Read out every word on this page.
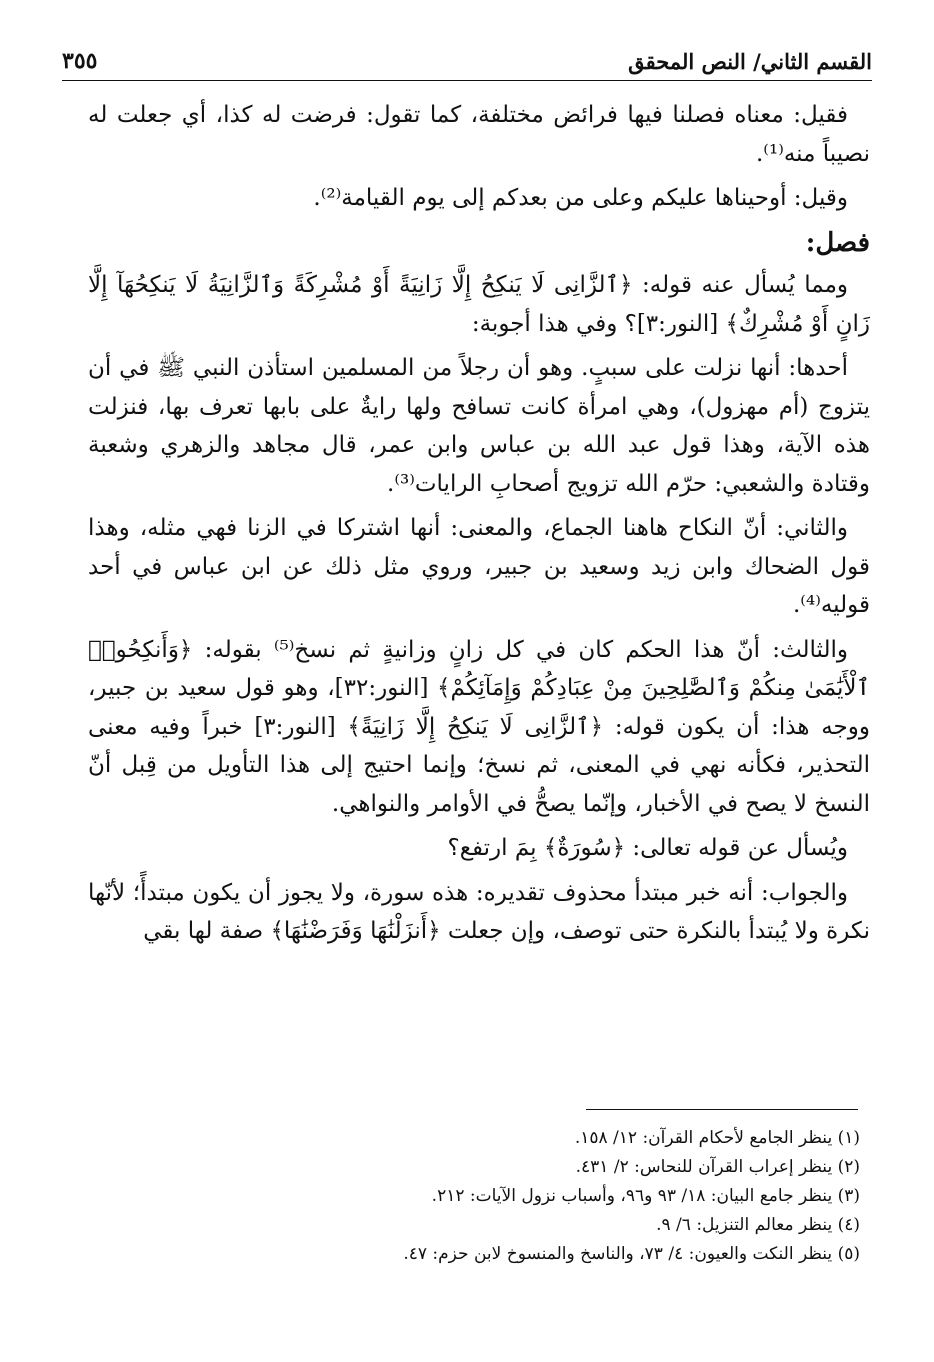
القسم الثاني/ النص المحقق
٣٥٥

فقيل: معناه فصلنا فيها فرائض مختلفة، كما تقول: فرضت له كذا، أي جعلت له نصيباً منه⁽¹⁾.

وقيل: أوحيناها عليكم وعلى من بعدكم إلى يوم القيامة⁽²⁾.

فصل:

ومما يُسأل عنه قوله: ﴿ٱلزَّانِى لَا يَنكِحُ إِلَّا زَانِيَةً أَوْ مُشْرِكَةً وَٱلزَّانِيَةُ لَا يَنكِحُهَآ إِلَّا زَانٍ أَوْ مُشْرِكٌ﴾ [النور:٣]؟ وفي هذا أجوبة:

أحدها: أنها نزلت على سببٍ. وهو أن رجلاً من المسلمين استأذن النبي ﷺ في أن يتزوج (أم مهزول)، وهي امرأة كانت تسافح ولها رايةٌ على بابها تعرف بها، فنزلت هذه الآية، وهذا قول عبد الله بن عباس وابن عمر، قال مجاهد والزهري وشعبة وقتادة والشعبي: حرّم الله تزويج أصحابِ الرايات⁽³⁾.

والثاني: أنّ النكاح هاهنا الجماع، والمعنى: أنها اشتركا في الزنا فهي مثله، وهذا قول الضحاك وابن زيد وسعيد بن جبير، وروي مثل ذلك عن ابن عباس في أحد قوليه⁽⁴⁾.

والثالث: أنّ هذا الحكم كان في كل زانٍ وزانيةٍ ثم نسخ⁽⁵⁾ بقوله: ﴿وَأَنكِحُوا۟ ٱلْأَيَٰمَىٰ مِنكُمْ وَٱلصَّٰلِحِينَ مِنْ عِبَادِكُمْ وَإِمَآئِكُمْ﴾ [النور:٣٢]، وهو قول سعيد بن جبير، ووجه هذا: أن يكون قوله: ﴿ٱلزَّانِى لَا يَنكِحُ إِلَّا زَانِيَةً﴾ [النور:٣] خبراً وفيه معنى التحذير، فكأنه نهي في المعنى، ثم نسخ؛ وإنما احتيج إلى هذا التأويل من قِبل أنّ النسخ لا يصح في الأخبار، وإنّما يصحُّ في الأوامر والنواهي.

ويُسأل عن قوله تعالى: ﴿سُورَةٌ﴾ بِمَ ارتفع؟

والجواب: أنه خبر مبتدأ محذوف تقديره: هذه سورة، ولا يجوز أن يكون مبتدأً؛ لأنّها نكرة ولا يُبتدأ بالنكرة حتى توصف، وإن جعلت ﴿أَنزَلْنَٰهَا وَفَرَضْنَٰهَا﴾ صفة لها بقي

(١) ينظر الجامع لأحكام القرآن: ١٢/ ١٥٨.

(٢) ينظر إعراب القرآن للنحاس: ٢/ ٤٣١.

(٣) ينظر جامع البيان: ١٨/ ٩٣ و٩٦، وأسباب نزول الآيات: ٢١٢.

(٤) ينظر معالم التنزيل: ٦/ ٩.

(٥) ينظر النكت والعيون: ٤/ ٧٣، والناسخ والمنسوخ لابن حزم: ٤٧.
